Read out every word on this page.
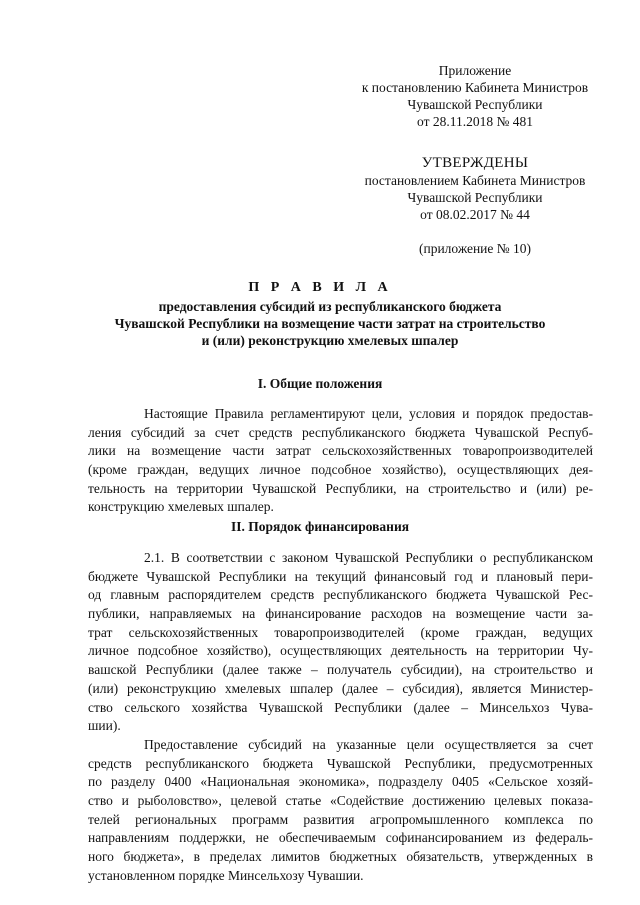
Приложение
к постановлению Кабинета Министров
Чувашской Республики
от 28.11.2018 № 481
УТВЕРЖДЕНЫ
постановлением Кабинета Министров
Чувашской Республики
от 08.02.2017 № 44
(приложение № 10)
П Р А В И Л А
предоставления субсидий из республиканского бюджета
Чувашской Республики на возмещение части затрат на строительство
и (или) реконструкцию хмелевых шпалер
I. Общие положения
Настоящие Правила регламентируют цели, условия и порядок предостав-
ления субсидий за счет средств республиканского бюджета Чувашской Респуб-
лики на возмещение части затрат сельскохозяйственных товаропроизводителей
(кроме граждан, ведущих личное подсобное хозяйство), осуществляющих дея-
тельность на территории Чувашской Республики, на строительство и (или) ре-
конструкцию хмелевых шпалер.
II. Порядок финансирования
2.1. В соответствии с законом Чувашской Республики о республиканском
бюджете Чувашской Республики на текущий финансовый год и плановый пери-
од главным распорядителем средств республиканского бюджета Чувашской Рес-
публики, направляемых на финансирование расходов на возмещение части за-
трат сельскохозяйственных товаропроизводителей (кроме граждан, ведущих
личное подсобное хозяйство), осуществляющих деятельность на территории Чу-
вашской Республики (далее также – получатель субсидии), на строительство и
(или) реконструкцию хмелевых шпалер (далее – субсидия), является Министер-
ство сельского хозяйства Чувашской Республики (далее – Минсельхоз Чува-
шии).
Предоставление субсидий на указанные цели осуществляется за счет
средств республиканского бюджета Чувашской Республики, предусмотренных
по разделу 0400 «Национальная экономика», подразделу 0405 «Сельское хозяй-
ство и рыболовство», целевой статье «Содействие достижению целевых показа-
телей региональных программ развития агропромышленного комплекса по
направлениям поддержки, не обеспечиваемым софинансированием из федераль-
ного бюджета», в пределах лимитов бюджетных обязательств, утвержденных в
установленном порядке Минсельхозу Чувашии.
